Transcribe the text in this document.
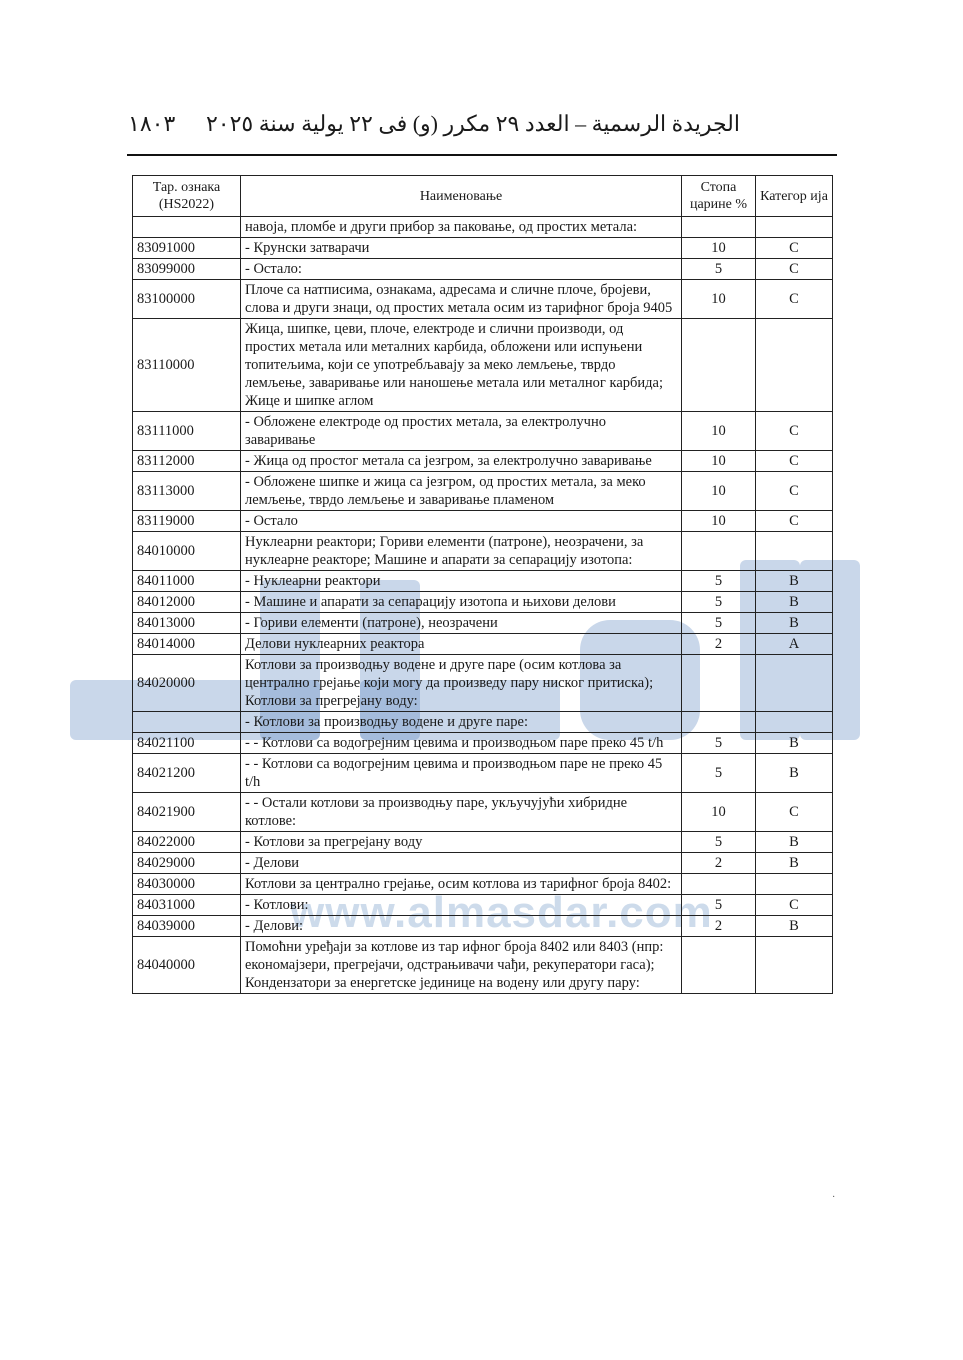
الجريدة الرسمية – العدد ٢٩ مكرر (و) فى ٢٢ يولية سنة ٢٠٢٥
١٨٠٣
www.almasdar.com
Тар. ознака (HS2022)	Наименовање	Стопа царине %	Категор ија
	навоја, пломбе и други прибор за паковање, од простих метала:		
83091000	- Крунски затварачи	10	C
83099000	- Остало:	5	C
83100000	Плоче са натписима, ознакама, адресама и сличне плоче, бројеви, слова и други знаци, од простих метала осим из тарифног броја 9405	10	C
83110000	Жица, шипке, цеви, плоче, електроде и слични производи, од простих метала или металних карбида, обложени или испуњени топитељима, који се употребљавају за меко лемљење, тврдо лемљење, заваривање или наношење метала или металног карбида; Жице и шипке аглом		
83111000	- Обложене електроде од простих метала, за електролучно заваривање	10	C
83112000	- Жица од простог метала са језгром, за електролучно заваривање	10	C
83113000	- Обложене шипке и жица са језгром, од простих метала, за меко лемљење, тврдо лемљење и заваривање пламеном	10	C
83119000	- Остало	10	C
84010000	Нуклеарни реактори; Гориви елементи (патроне), неозрачени, за нуклеарне реакторе; Машине и апарати за сепарацију изотопа:		
84011000	- Нуклеарни реактори	5	B
84012000	- Машине и апарати за сепарацију изотопа и њихови делови	5	B
84013000	- Гориви елементи (патроне), неозрачени	5	B
84014000	Делови нуклеарних реактора	2	A
84020000	Котлови за производњу водене и друге паре (осим котлова за централно грејање који могу да произведу пару ниског притиска); Котлови за прегрејану воду:		
	- Котлови за производњу водене и друге паре:		
84021100	- - Котлови са водогрејним цевима и производњом паре преко 45 t/h	5	B
84021200	- - Котлови са водогрејним цевима и производњом паре не преко 45 t/h	5	B
84021900	- - Остали котлови за производњу паре, укључујући хибридне котлове:	10	C
84022000	- Котлови за прегрејану воду	5	B
84029000	- Делови	2	B
84030000	Котлови за централно грејање, осим котлова из тарифног броја 8402:		
84031000	- Котлови:	5	C
84039000	- Делови:	2	B
84040000	Помоћни уређаји за котлове из тар ифног броја 8402 или 8403 (нпр: економајзери, прегрејачи, одстрањивачи чађи, рекуператори гаса); Кондензатори за енергетске јединице на водену или другу пару:		
·
